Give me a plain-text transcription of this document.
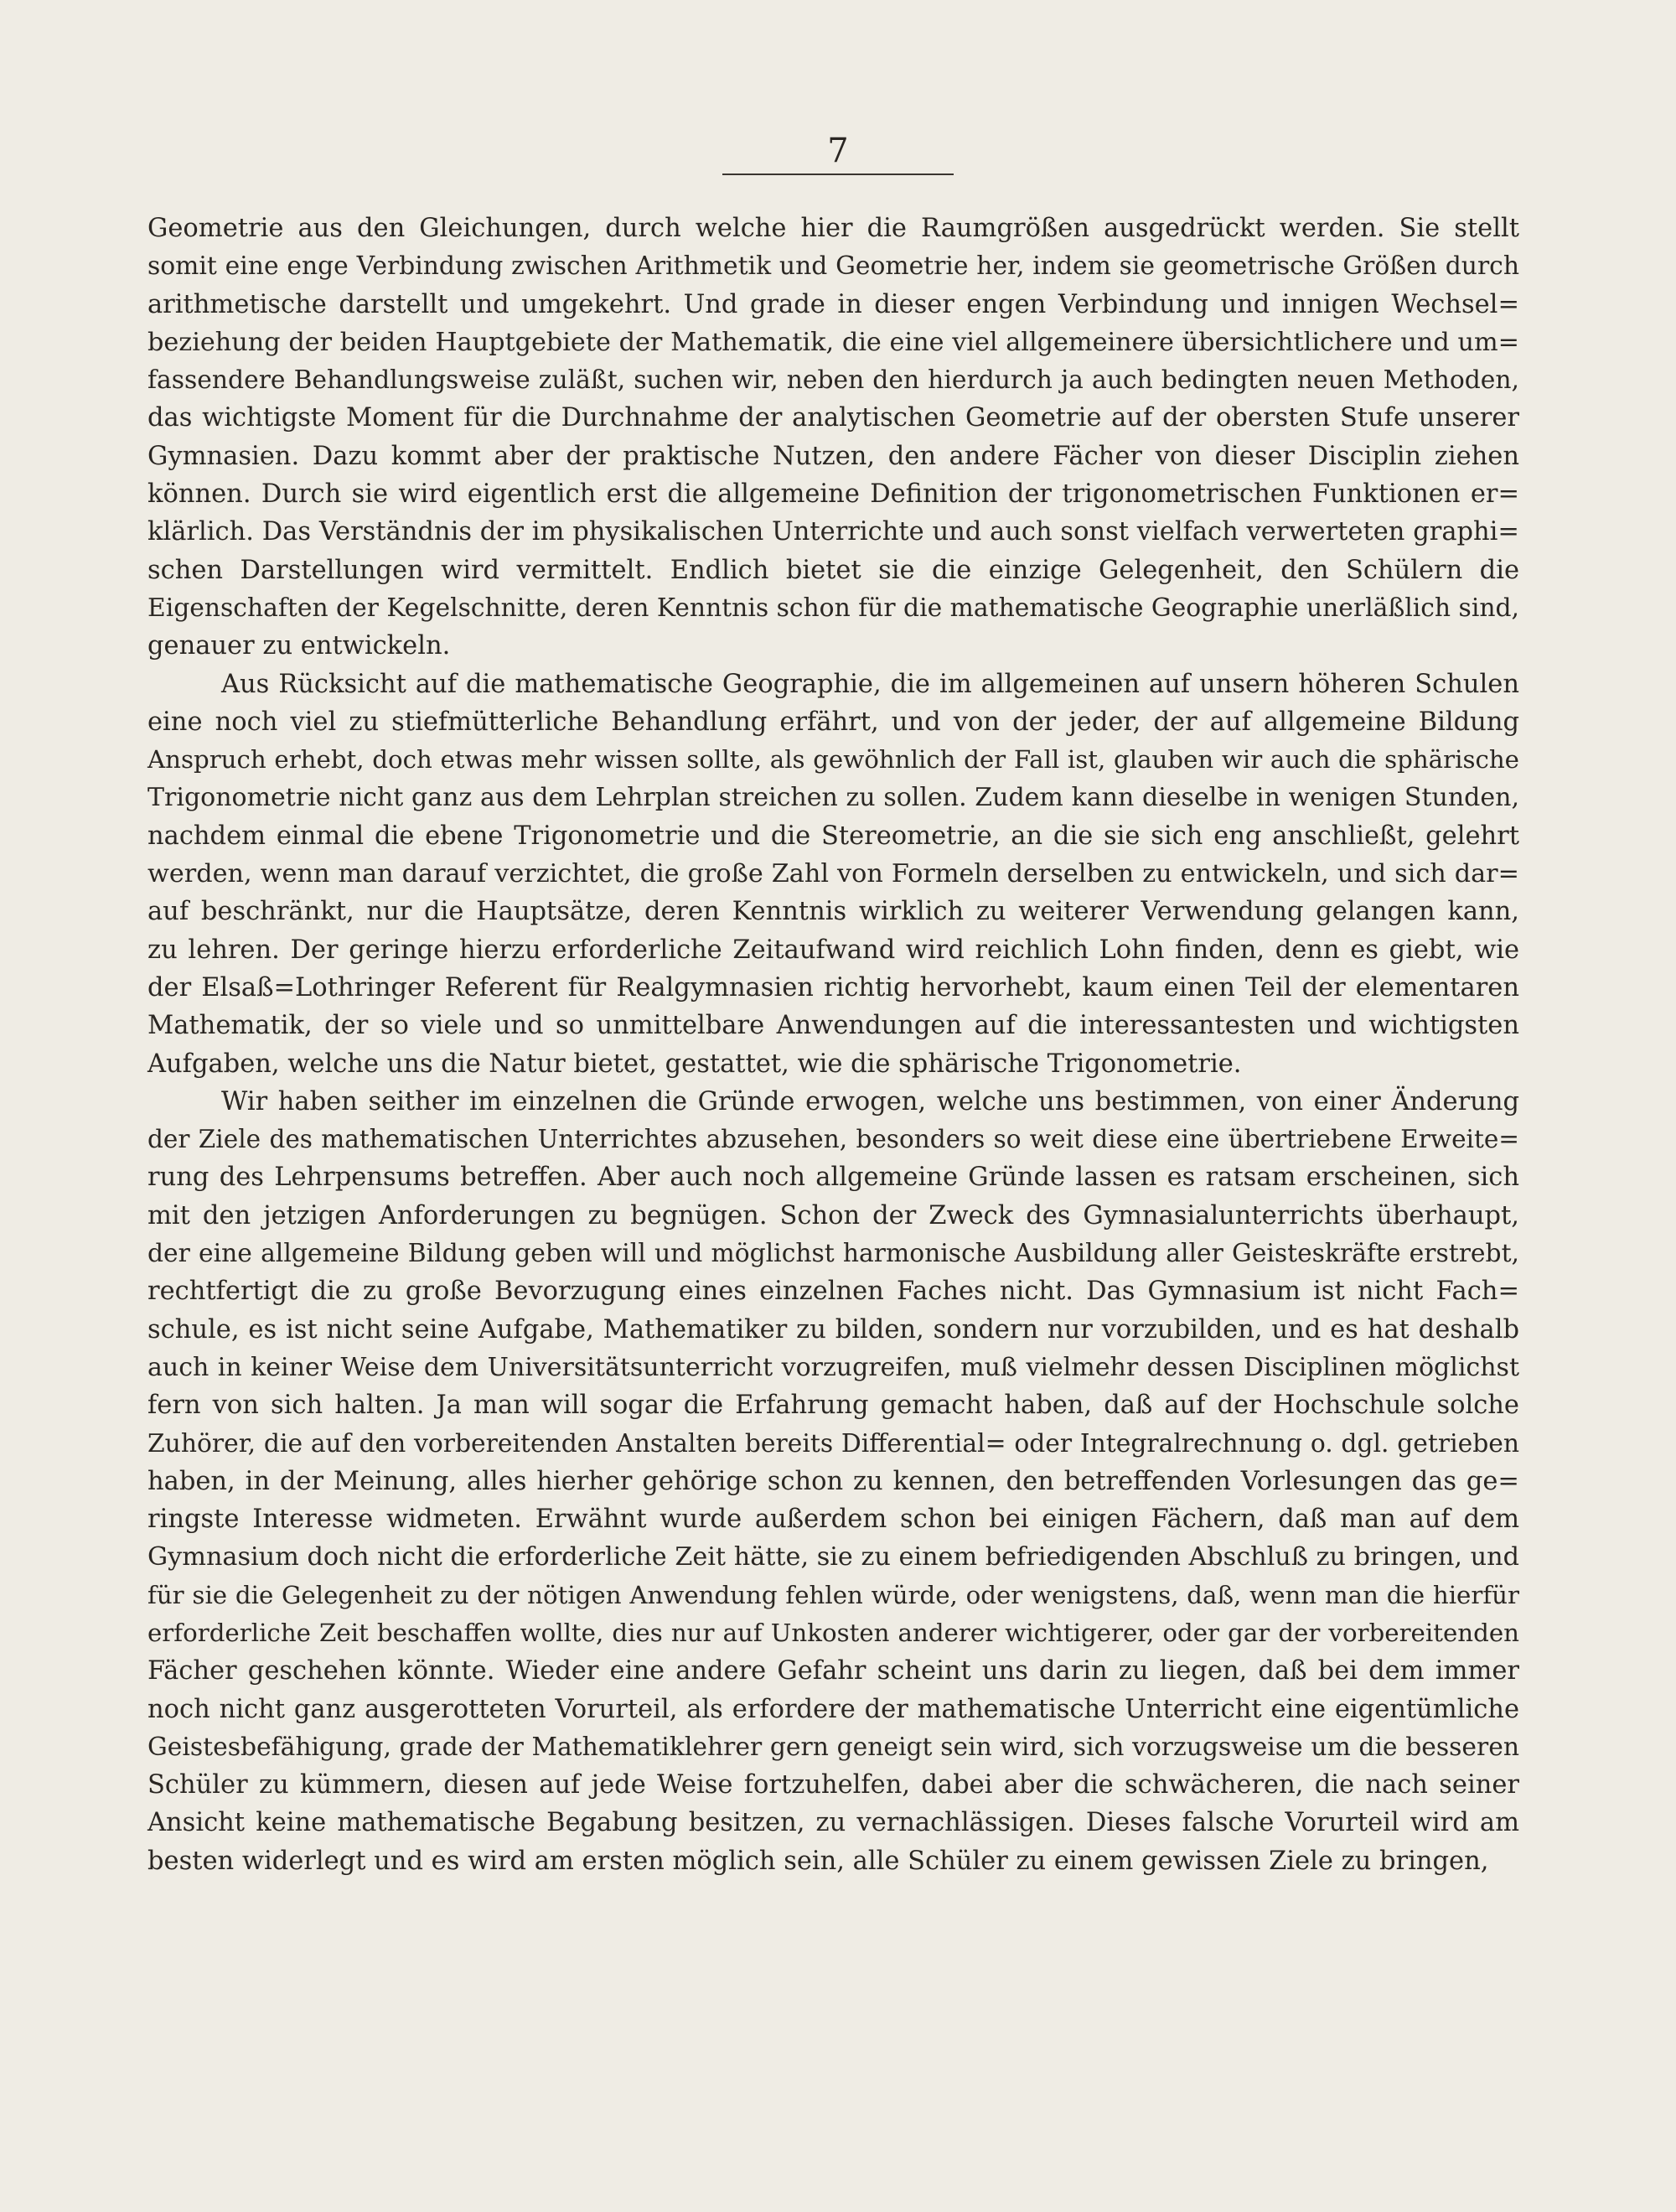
7
Geometrie aus den Gleichungen, durch welche hier die Raumgrößen ausgedrückt werden. Sie stellt
somit eine enge Verbindung zwischen Arithmetik und Geometrie her, indem sie geometrische Größen durch
arithmetische darstellt und umgekehrt. Und grade in dieser engen Verbindung und innigen Wechsel=
beziehung der beiden Hauptgebiete der Mathematik, die eine viel allgemeinere übersichtlichere und um=
fassendere Behandlungsweise zuläßt, suchen wir, neben den hierdurch ja auch bedingten neuen Methoden,
das wichtigste Moment für die Durchnahme der analytischen Geometrie auf der obersten Stufe unserer
Gymnasien. Dazu kommt aber der praktische Nutzen, den andere Fächer von dieser Disciplin ziehen
können. Durch sie wird eigentlich erst die allgemeine Definition der trigonometrischen Funktionen er=
klärlich. Das Verständnis der im physikalischen Unterrichte und auch sonst vielfach verwerteten graphi=
schen Darstellungen wird vermittelt. Endlich bietet sie die einzige Gelegenheit, den Schülern die
Eigenschaften der Kegelschnitte, deren Kenntnis schon für die mathematische Geographie unerläßlich sind,
genauer zu entwickeln.
Aus Rücksicht auf die mathematische Geographie, die im allgemeinen auf unsern höheren Schulen
eine noch viel zu stiefmütterliche Behandlung erfährt, und von der jeder, der auf allgemeine Bildung
Anspruch erhebt, doch etwas mehr wissen sollte, als gewöhnlich der Fall ist, glauben wir auch die sphärische
Trigonometrie nicht ganz aus dem Lehrplan streichen zu sollen. Zudem kann dieselbe in wenigen Stunden,
nachdem einmal die ebene Trigonometrie und die Stereometrie, an die sie sich eng anschließt, gelehrt
werden, wenn man darauf verzichtet, die große Zahl von Formeln derselben zu entwickeln, und sich dar=
auf beschränkt, nur die Hauptsätze, deren Kenntnis wirklich zu weiterer Verwendung gelangen kann,
zu lehren. Der geringe hierzu erforderliche Zeitaufwand wird reichlich Lohn finden, denn es giebt, wie
der Elsaß=Lothringer Referent für Realgymnasien richtig hervorhebt, kaum einen Teil der elementaren
Mathematik, der so viele und so unmittelbare Anwendungen auf die interessantesten und wichtigsten
Aufgaben, welche uns die Natur bietet, gestattet, wie die sphärische Trigonometrie.
Wir haben seither im einzelnen die Gründe erwogen, welche uns bestimmen, von einer Änderung
der Ziele des mathematischen Unterrichtes abzusehen, besonders so weit diese eine übertriebene Erweite=
rung des Lehrpensums betreffen. Aber auch noch allgemeine Gründe lassen es ratsam erscheinen, sich
mit den jetzigen Anforderungen zu begnügen. Schon der Zweck des Gymnasialunterrichts überhaupt,
der eine allgemeine Bildung geben will und möglichst harmonische Ausbildung aller Geisteskräfte erstrebt,
rechtfertigt die zu große Bevorzugung eines einzelnen Faches nicht. Das Gymnasium ist nicht Fach=
schule, es ist nicht seine Aufgabe, Mathematiker zu bilden, sondern nur vorzubilden, und es hat deshalb
auch in keiner Weise dem Universitätsunterricht vorzugreifen, muß vielmehr dessen Disciplinen möglichst
fern von sich halten. Ja man will sogar die Erfahrung gemacht haben, daß auf der Hochschule solche
Zuhörer, die auf den vorbereitenden Anstalten bereits Differential= oder Integralrechnung o. dgl. getrieben
haben, in der Meinung, alles hierher gehörige schon zu kennen, den betreffenden Vorlesungen das ge=
ringste Interesse widmeten. Erwähnt wurde außerdem schon bei einigen Fächern, daß man auf dem
Gymnasium doch nicht die erforderliche Zeit hätte, sie zu einem befriedigenden Abschluß zu bringen, und
für sie die Gelegenheit zu der nötigen Anwendung fehlen würde, oder wenigstens, daß, wenn man die hierfür
erforderliche Zeit beschaffen wollte, dies nur auf Unkosten anderer wichtigerer, oder gar der vorbereitenden
Fächer geschehen könnte. Wieder eine andere Gefahr scheint uns darin zu liegen, daß bei dem immer
noch nicht ganz ausgerotteten Vorurteil, als erfordere der mathematische Unterricht eine eigentümliche
Geistesbefähigung, grade der Mathematiklehrer gern geneigt sein wird, sich vorzugsweise um die besseren
Schüler zu kümmern, diesen auf jede Weise fortzuhelfen, dabei aber die schwächeren, die nach seiner
Ansicht keine mathematische Begabung besitzen, zu vernachlässigen. Dieses falsche Vorurteil wird am
besten widerlegt und es wird am ersten möglich sein, alle Schüler zu einem gewissen Ziele zu bringen,
